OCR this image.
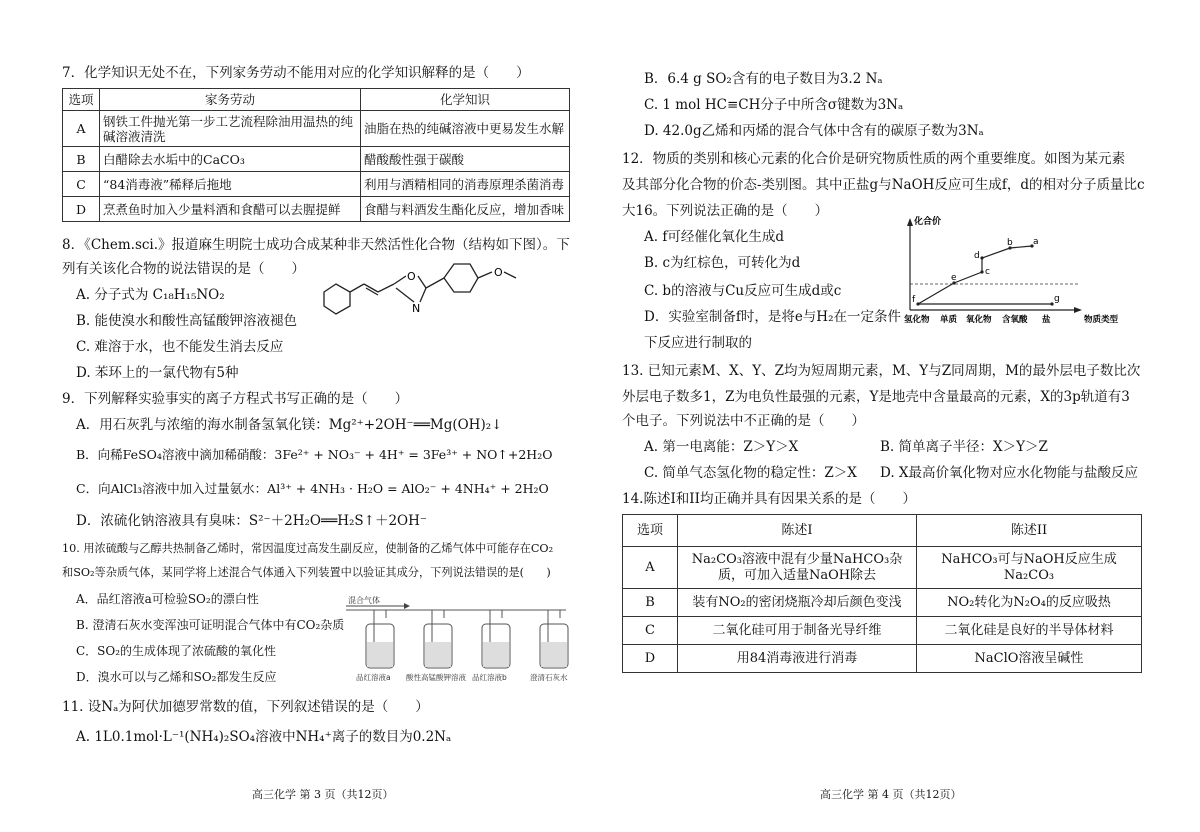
7．化学知识无处不在，下列家务劳动不能用对应的化学知识解释的是（　　）
选项	家务劳动	化学知识
A	钢铁工件抛光第一步工艺流程除油用温热的纯碱溶液清洗	油脂在热的纯碱溶液中更易发生水解
B	白醋除去水垢中的CaCO₃	醋酸酸性强于碳酸
C	“84消毒液”稀释后拖地	利用与酒精相同的消毒原理杀菌消毒
D	烹煮鱼时加入少量料酒和食醋可以去腥提鲜	食醋与料酒发生酯化反应，增加香味
8．《Chem.sci.》报道麻生明院士成功合成某种非天然活性化合物（结构如下图）。下
列有关该化合物的说法错误的是（　　）
A. 分子式为 C₁₈H₁₅NO₂
B. 能使溴水和酸性高锰酸钾溶液褪色
C. 难溶于水，也不能发生消去反应
D. 苯环上的一氯代物有5种
O
N
O
9．下列解释实验事实的离子方程式书写正确的是（　　）
A．用石灰乳与浓缩的海水制备氢氧化镁：Mg²⁺+2OH⁻══Mg(OH)₂↓
B．向稀FeSO₄溶液中滴加稀硝酸：3Fe²⁺ + NO₃⁻ + 4H⁺ = 3Fe³⁺ + NO↑+2H₂O
C．向AlCl₃溶液中加入过量氨水：Al³⁺ + 4NH₃ · H₂O = AlO₂⁻ + 4NH₄⁺ + 2H₂O
D．浓硫化钠溶液具有臭味：S²⁻＋2H₂O══H₂S↑＋2OH⁻
10. 用浓硫酸与乙醇共热制备乙烯时，常因温度过高发生副反应，使制备的乙烯气体中可能存在CO₂
和SO₂等杂质气体，某同学将上述混合气体通入下列装置中以验证其成分，下列说法错误的是(　　)
A．品红溶液a可检验SO₂的漂白性
B. 澄清石灰水变浑浊可证明混合气体中有CO₂杂质
C．SO₂的生成体现了浓硫酸的氧化性
D．溴水可以与乙烯和SO₂都发生反应
混合气体
品红溶液a 酸性高锰酸钾溶液 品红溶液b	澄清石灰水
11. 设Nₐ为阿伏加德罗常数的值，下列叙述错误的是（　　）
A. 1L0.1mol·L⁻¹(NH₄)₂SO₄溶液中NH₄⁺离子的数目为0.2Nₐ
B．6.4 g SO₂含有的电子数目为3.2 Nₐ
C. 1 mol HC≡CH分子中所含σ键数为3Nₐ
D. 42.0g乙烯和丙烯的混合气体中含有的碳原子数为3Nₐ
12．物质的类别和核心元素的化合价是研究物质性质的两个重要维度。如图为某元素
及其部分化合物的价态-类别图。其中正盐g与NaOH反应可生成f，d的相对分子质量比c
大16。下列说法正确的是（　　）
A. f可经催化氧化生成d
B. c为红棕色，可转化为d
C. b的溶液与Cu反应可生成d或c
D．实验室制备f时，是将e与H₂在一定条件
下反应进行制取的
化合价
a
b
c
d
e
f	g
氢化物 单质 氧化物 含氧酸 盐	物质类型
13. 已知元素M、X、Y、Z均为短周期元素，M、Y与Z同周期，M的最外层电子数比次
外层电子数多1，Z为电负性最强的元素，Y是地壳中含量最高的元素，X的3p轨道有3
个电子。下列说法中不正确的是（　　）
A. 第一电离能：Z＞Y＞X	B. 简单离子半径：X＞Y＞Z
C. 简单气态氢化物的稳定性：Z＞X D. X最高价氧化物对应水化物能与盐酸反应
14.陈述I和II均正确并具有因果关系的是（　　）
选项	陈述I	陈述II
A	Na₂CO₃溶液中混有少量NaHCO₃杂质，可加入适量NaOH除去	NaHCO₃可与NaOH反应生成Na₂CO₃
B	装有NO₂的密闭烧瓶冷却后颜色变浅	NO₂转化为N₂O₄的反应吸热
C	二氧化硅可用于制备光导纤维	二氧化硅是良好的半导体材料
D	用84消毒液进行消毒	NaClO溶液呈碱性
高三化学 第 3 页（共12页）	高三化学 第 4 页（共12页）
